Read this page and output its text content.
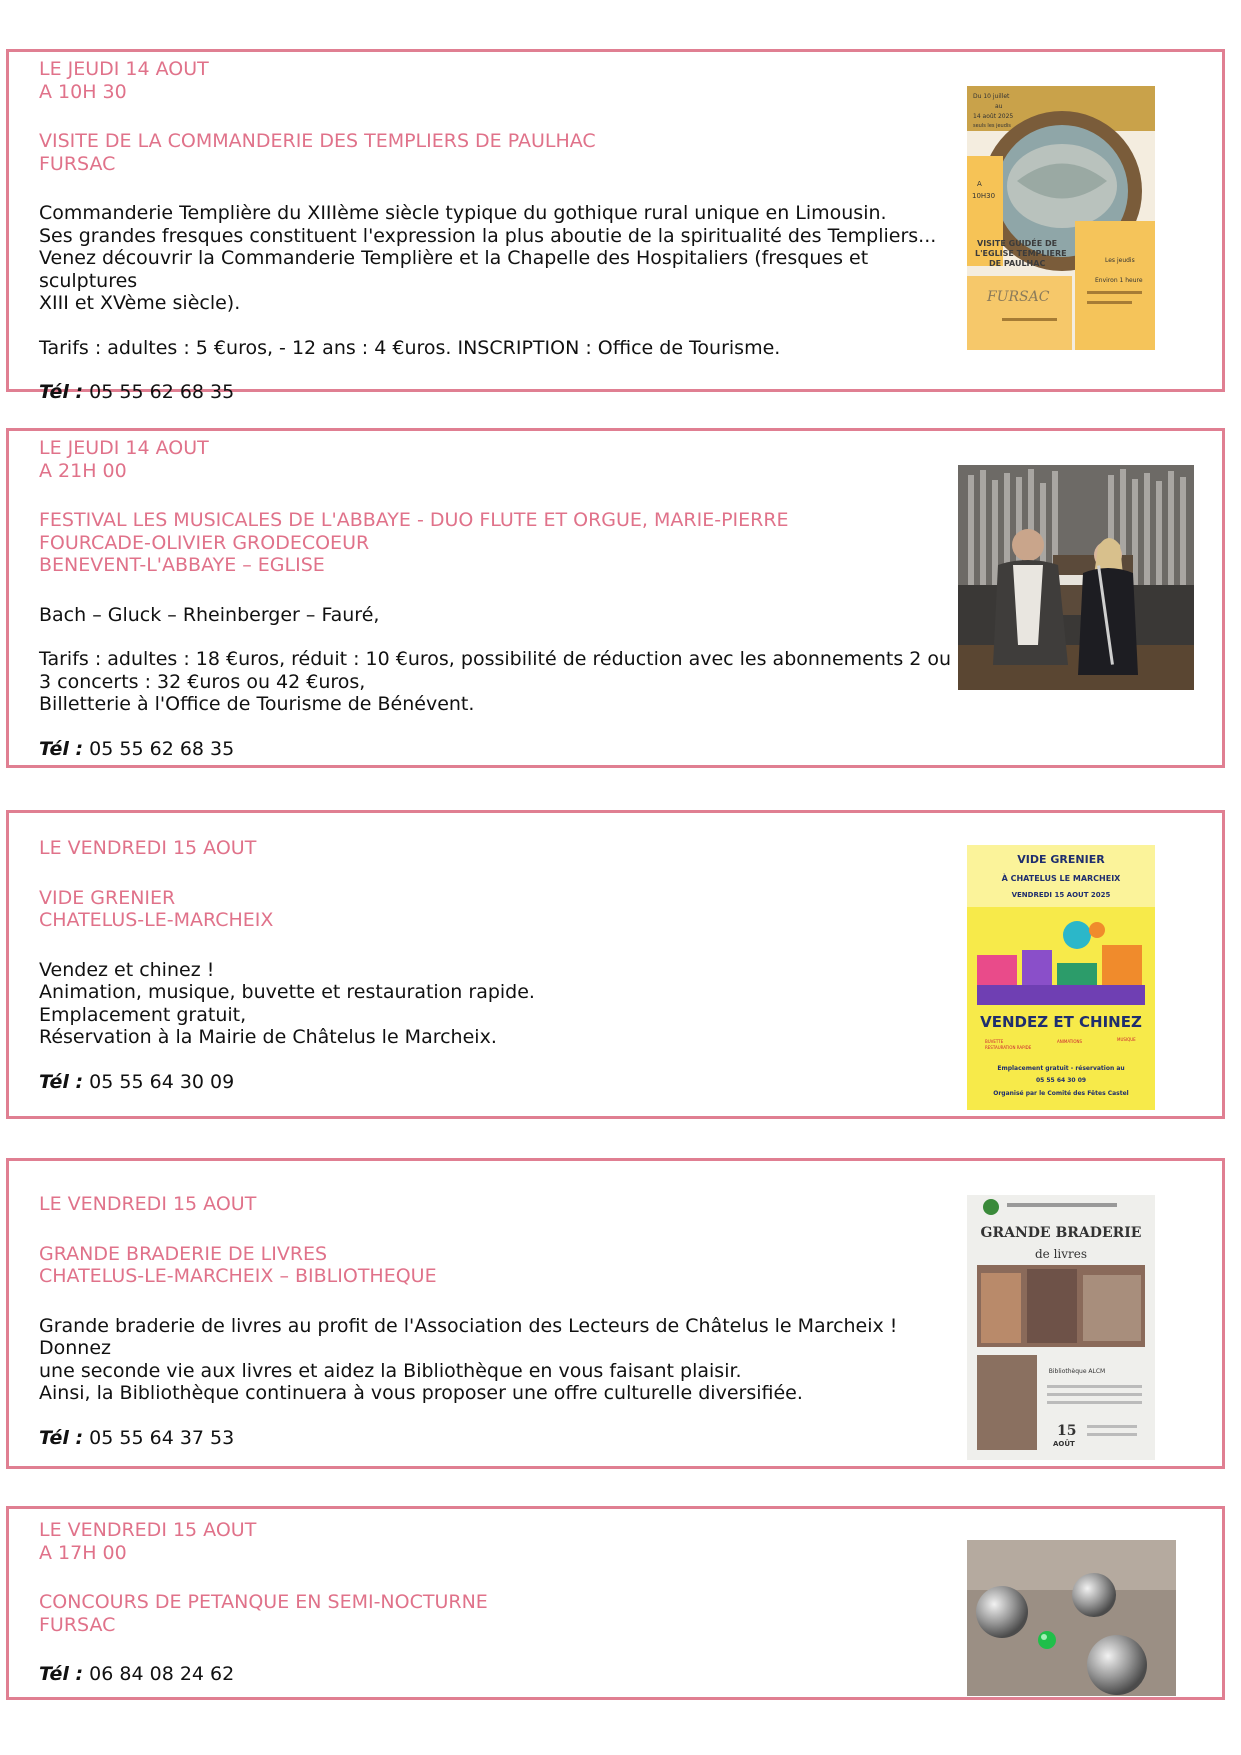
LE JEUDI 14 AOUT

A 10H 30

VISITE DE LA COMMANDERIE DES TEMPLIERS DE PAULHAC

FURSAC

Commanderie Templière du XIIIème siècle typique du gothique rural unique en Limousin.

Ses grandes fresques constituent l'expression la plus aboutie de la spiritualité des Templiers...

Venez découvrir la Commanderie Templière et la Chapelle des Hospitaliers (fresques et sculptures

XIII et XVème siècle).

Tarifs : adultes : 5 €uros, - 12 ans : 4 €uros. INSCRIPTION : Office de Tourisme.

Tél : 05 55 62 68 35

Du 10 juillet
au
14 août 2025
seuls les jeudis
A
10H30
VISITE GUIDÉE DE
L'EGLISE TEMPLIERE
DE PAULHAC	Les jeudis
Environ 1 heure
FURSAC

LE JEUDI 14 AOUT

A 21H 00

FESTIVAL LES MUSICALES DE L'ABBAYE - DUO FLUTE ET ORGUE, MARIE-PIERRE

FOURCADE-OLIVIER GRODECOEUR

BENEVENT-L'ABBAYE – EGLISE

Bach – Gluck – Rheinberger – Fauré,

Tarifs : adultes : 18 €uros, réduit : 10 €uros, possibilité de réduction avec les abonnements 2 ou

3 concerts : 32 €uros ou 42 €uros,

Billetterie à l'Office de Tourisme de Bénévent.

Tél : 05 55 62 68 35

LE VENDREDI 15 AOUT

VIDE GRENIER

CHATELUS-LE-MARCHEIX

Vendez et chinez !

Animation, musique, buvette et restauration rapide.

Emplacement gratuit,

Réservation à la Mairie de Châtelus le Marcheix.

Tél : 05 55 64 30 09

VIDE GRENIER
À CHATELUS LE MARCHEIX
VENDREDI 15 AOUT 2025
VENDEZ ET CHINEZ
BUVETTE
RESTAURATION RAPIDE
ANIMATIONS	MUSIQUE
Emplacement gratuit - réservation au
05 55 64 30 09
Organisé par le Comité des Fêtes Castel

LE VENDREDI 15 AOUT

GRANDE BRADERIE DE LIVRES

CHATELUS-LE-MARCHEIX – BIBLIOTHEQUE

Grande braderie de livres au profit de l'Association des Lecteurs de Châtelus le Marcheix ! Donnez

une seconde vie aux livres et aidez la Bibliothèque en vous faisant plaisir.

Ainsi, la Bibliothèque continuera à vous proposer une offre culturelle diversifiée.

Tél : 05 55 64 37 53

GRANDE BRADERIE
de livres
Bibliothèque ALCM
15
AOÛT

LE VENDREDI 15 AOUT

A 17H 00

CONCOURS DE PETANQUE EN SEMI-NOCTURNE

FURSAC

Tél : 06 84 08 24 62
